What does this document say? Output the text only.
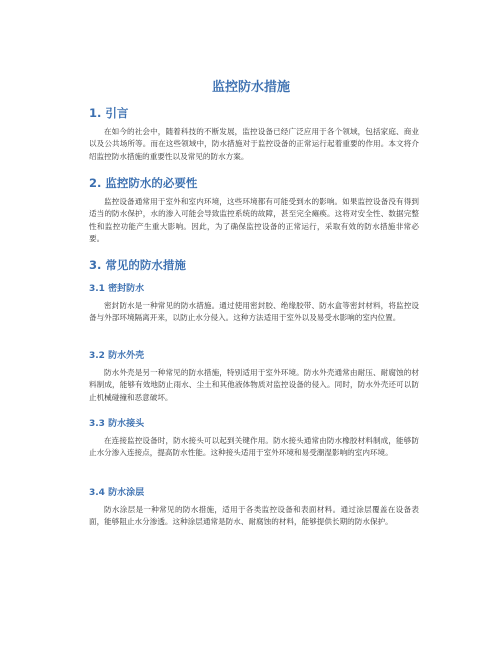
监控防水措施
1. 引言

在如今的社会中，随着科技的不断发展，监控设备已经广泛应用于各个领域，包括家庭、商业以及公共场所等。而在这些领域中，防水措施对于监控设备的正常运行起着重要的作用。本文将介绍监控防水措施的重要性以及常见的防水方案。

2. 监控防水的必要性

监控设备通常用于室外和室内环境，这些环境都有可能受到水的影响。如果监控设备没有得到适当的防水保护，水的渗入可能会导致监控系统的故障，甚至完全瘫痪。这将对安全性、数据完整性和监控功能产生重大影响。因此，为了确保监控设备的正常运行，采取有效的防水措施非常必要。

3. 常见的防水措施
3.1 密封防水

密封防水是一种常见的防水措施。通过使用密封胶、绝缘胶带、防水盒等密封材料，将监控设备与外部环境隔离开来，以防止水分侵入。这种方法适用于室外以及易受水影响的室内位置。

3.2 防水外壳

防水外壳是另一种常见的防水措施，特别适用于室外环境。防水外壳通常由耐压、耐腐蚀的材料制成，能够有效地防止雨水、尘土和其他液体物质对监控设备的侵入。同时，防水外壳还可以防止机械碰撞和恶意破坏。

3.3 防水接头

在连接监控设备时，防水接头可以起到关键作用。防水接头通常由防水橡胶材料制成，能够防止水分渗入连接点，提高防水性能。这种接头适用于室外环境和易受潮湿影响的室内环境。

3.4 防水涂层

防水涂层是一种常见的防水措施，适用于各类监控设备和表面材料。通过涂层覆盖在设备表面，能够阻止水分渗透。这种涂层通常是防水、耐腐蚀的材料，能够提供长期的防水保护。
